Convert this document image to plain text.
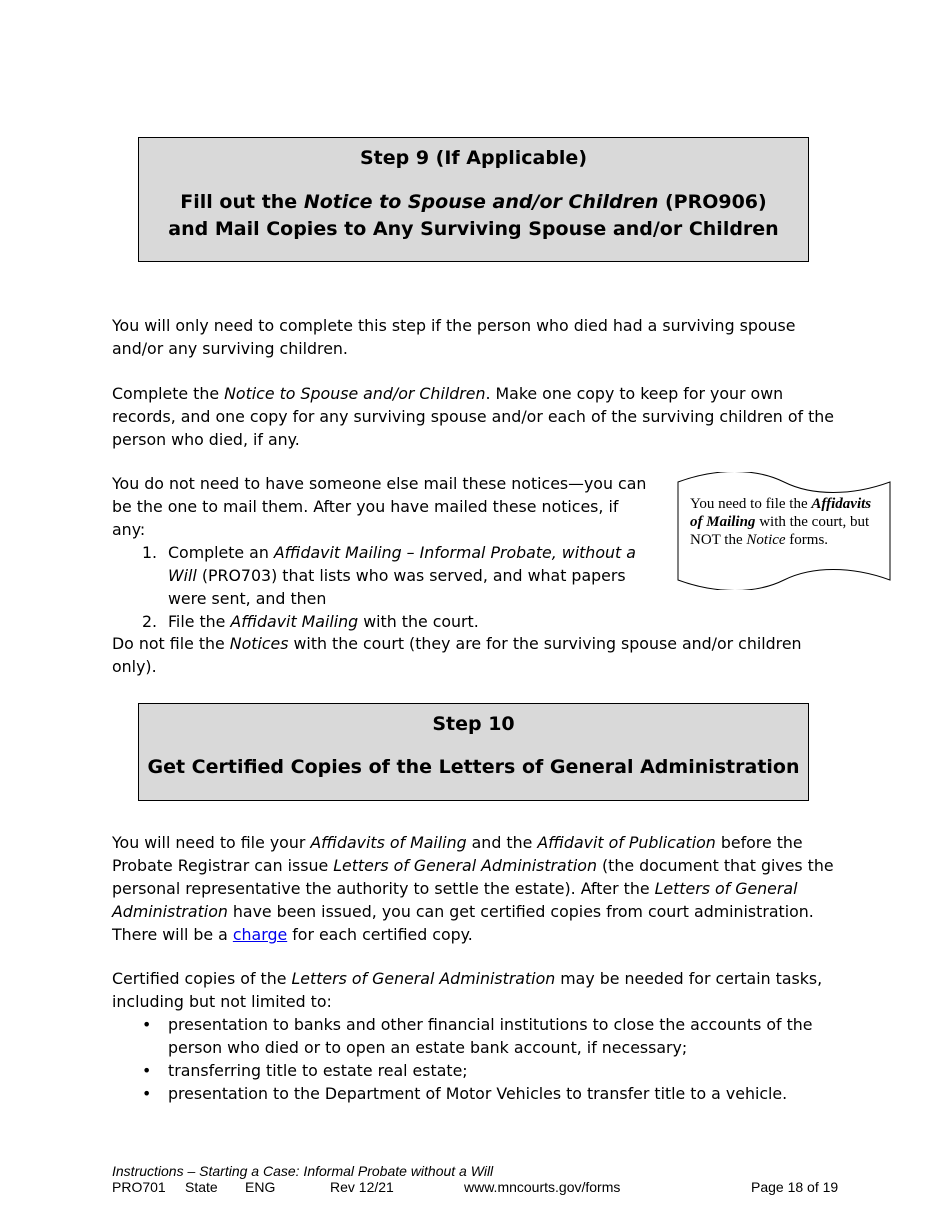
Step 9 (If Applicable)
Fill out the Notice to Spouse and/or Children (PRO906) and Mail Copies to Any Surviving Spouse and/or Children

You will only need to complete this step if the person who died had a surviving spouse and/or any surviving children.

Complete the Notice to Spouse and/or Children. Make one copy to keep for your own records, and one copy for any surviving spouse and/or each of the surviving children of the person who died, if any.

You do not need to have someone else mail these notices—you can be the one to mail them. After you have mailed these notices, if any:

1. Complete an Affidavit Mailing – Informal Probate, without a Will (PRO703) that lists who was served, and what papers were sent, and then
2. File the Affidavit Mailing with the court.
You need to file the Affidavits of Mailing with the court, but NOT the Notice forms.

Do not file the Notices with the court (they are for the surviving spouse and/or children only).

Step 10
Get Certified Copies of the Letters of General Administration

You will need to file your Affidavits of Mailing and the Affidavit of Publication before the Probate Registrar can issue Letters of General Administration (the document that gives the personal representative the authority to settle the estate). After the Letters of General Administration have been issued, you can get certified copies from court administration. There will be a charge for each certified copy.

Certified copies of the Letters of General Administration may be needed for certain tasks, including but not limited to:

• presentation to banks and other financial institutions to close the accounts of the person who died or to open an estate bank account, if necessary;
• transferring title to estate real estate;
• presentation to the Department of Motor Vehicles to transfer title to a vehicle.
Instructions – Starting a Case: Informal Probate without a Will
PRO701 State ENG	Rev 12/21	www.mncourts.gov/forms	Page 18 of 19
